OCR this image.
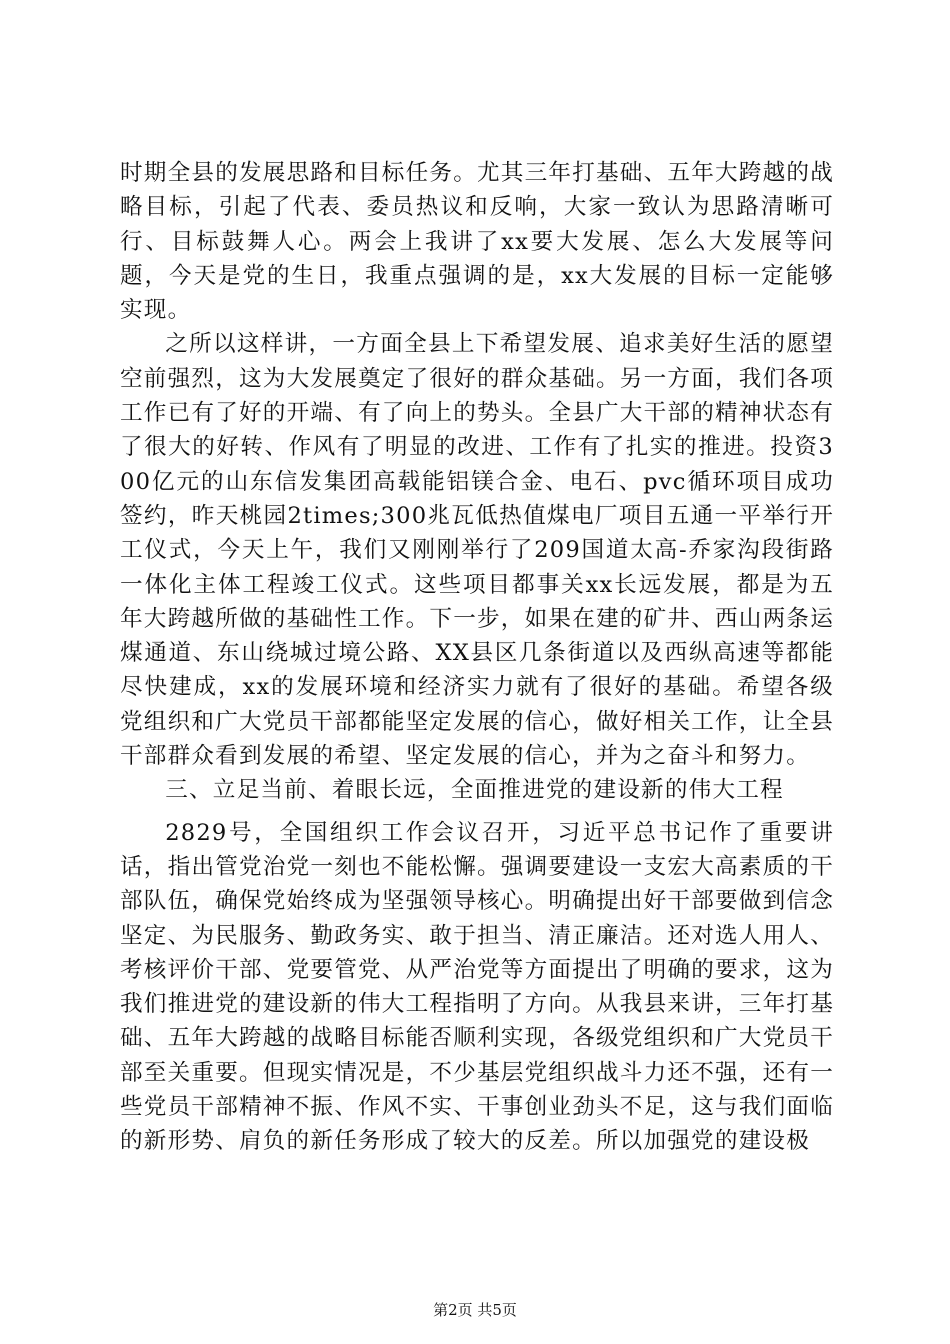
时期全县的发展思路和目标任务。尤其三年打基础、五年大跨越的战略目标，引起了代表、委员热议和反响，大家一致认为思路清晰可行、目标鼓舞人心。两会上我讲了xx要大发展、怎么大发展等问题，今天是党的生日，我重点强调的是，xx大发展的目标一定能够实现。

之所以这样讲，一方面全县上下希望发展、追求美好生活的愿望空前强烈，这为大发展奠定了很好的群众基础。另一方面，我们各项工作已有了好的开端、有了向上的势头。全县广大干部的精神状态有了很大的好转、作风有了明显的改进、工作有了扎实的推进。投资300亿元的山东信发集团高载能铝镁合金、电石、pvc循环项目成功签约，昨天桃园2times;300兆瓦低热值煤电厂项目五通一平举行开工仪式，今天上午，我们又刚刚举行了209国道太高-乔家沟段街路一体化主体工程竣工仪式。这些项目都事关xx长远发展，都是为五年大跨越所做的基础性工作。下一步，如果在建的矿井、西山两条运煤通道、东山绕城过境公路、XX县区几条街道以及西纵高速等都能尽快建成，xx的发展环境和经济实力就有了很好的基础。希望各级党组织和广大党员干部都能坚定发展的信心，做好相关工作，让全县干部群众看到发展的希望、坚定发展的信心，并为之奋斗和努力。

三、立足当前、着眼长远，全面推进党的建设新的伟大工程

2829号，全国组织工作会议召开，习近平总书记作了重要讲话，指出管党治党一刻也不能松懈。强调要建设一支宏大高素质的干部队伍，确保党始终成为坚强领导核心。明确提出好干部要做到信念坚定、为民服务、勤政务实、敢于担当、清正廉洁。还对选人用人、考核评价干部、党要管党、从严治党等方面提出了明确的要求，这为我们推进党的建设新的伟大工程指明了方向。从我县来讲，三年打基础、五年大跨越的战略目标能否顺利实现，各级党组织和广大党员干部至关重要。但现实情况是，不少基层党组织战斗力还不强，还有一些党员干部精神不振、作风不实、干事创业劲头不足，这与我们面临的新形势、肩负的新任务形成了较大的反差。所以加强党的建设极

第2页 共5页
